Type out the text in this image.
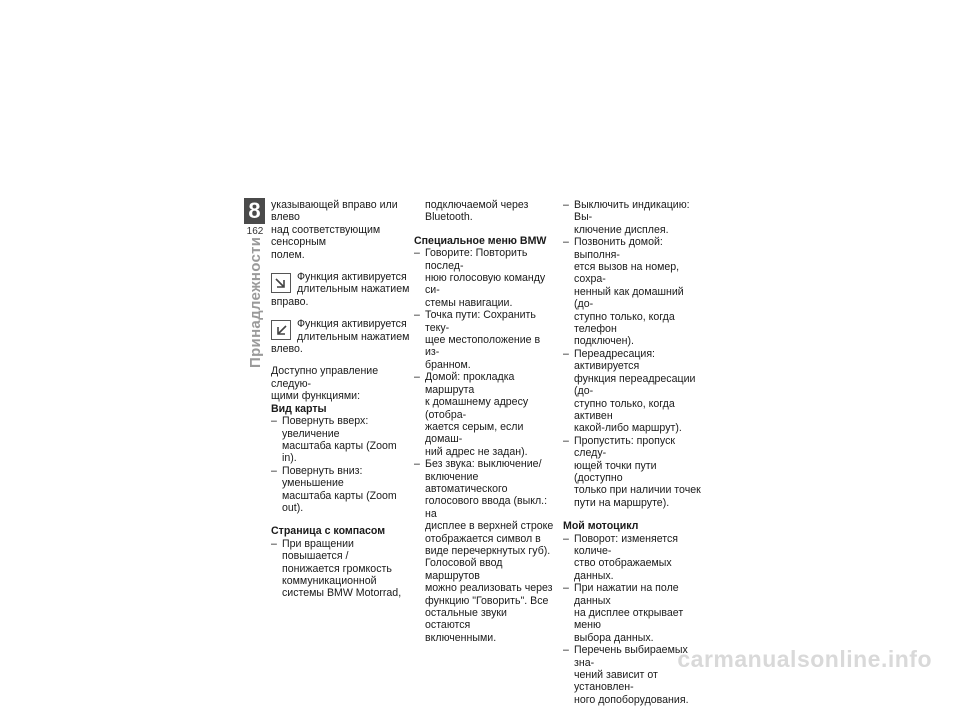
8
162
Принадлежности

указывающей вправо или влево

над соответствующим сенсорным

полем.

Функция активируется

длительным нажатием

вправо.

Функция активируется

длительным нажатием

влево.

Доступно управление следую-

щими функциями:

Вид карты

– Повернуть вверх: увеличение
масштаба карты (Zoom in).
– Повернуть вниз: уменьшение
масштаба карты (Zoom out).

Страница с компасом

– При вращении повышается /
понижается громкость
коммуникационной
системы BMW Motorrad,

подключаемой через

Bluetooth.

Специальное меню BMW

– Говорите: Повторить послед-
нюю голосовую команду си-
стемы навигации.
– Точка пути: Сохранить теку-
щее местоположение в из-
бранном.
– Домой: прокладка маршрута
к домашнему адресу (отобра-
жается серым, если домаш-
ний адрес не задан).
– Без звука: выключение/
включение автоматического
голосового ввода (выкл.: на
дисплее в верхней строке
отображается символ в
виде перечеркнутых губ).
Голосовой ввод маршрутов
можно реализовать через
функцию "Говорить". Все
остальные звуки остаются
включенными.
– Выключить индикацию: Вы-
ключение дисплея.
– Позвонить домой: выполня-
ется вызов на номер, сохра-
ненный как домашний (до-
ступно только, когда телефон
подключен).
– Переадресация: активируется
функция переадресации (до-
ступно только, когда активен
какой-либо маршрут).
– Пропустить: пропуск следу-
ющей точки пути (доступно
только при наличии точек
пути на маршруте).

Мой мотоцикл

– Поворот: изменяется количе-
ство отображаемых данных.
– При нажатии на поле данных
на дисплее открывает меню
выбора данных.
– Перечень выбираемых зна-
чений зависит от установлен-
ного допоборудования.
carmanualsonline.info
